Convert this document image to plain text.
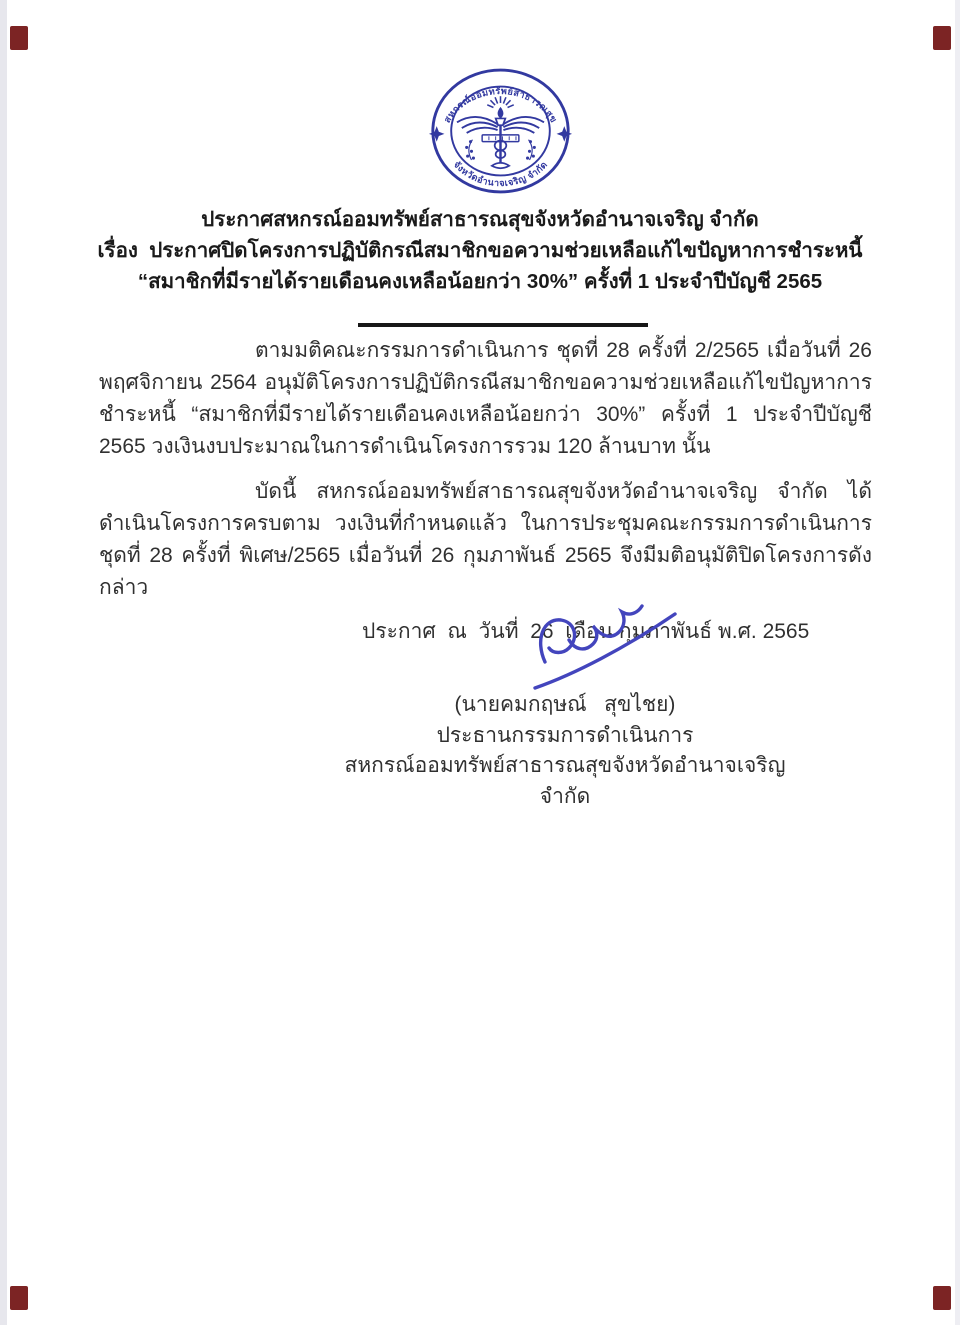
สหกรณ์ออมทรัพย์สาธารณสุข
จังหวัดอำนาจเจริญ จำกัด
ประกาศสหกรณ์ออมทรัพย์สาธารณสุขจังหวัดอำนาจเจริญ จำกัด
เรื่อง  ประกาศปิดโครงการปฏิบัติกรณีสมาชิกขอความช่วยเหลือแก้ไขปัญหาการชำระหนี้
“สมาชิกที่มีรายได้รายเดือนคงเหลือน้อยกว่า 30%” ครั้งที่ 1 ประจำปีบัญชี 2565

ตามมติคณะกรรมการดำเนินการ ชุดที่ 28 ครั้งที่ 2/2565 เมื่อวันที่ 26 พฤศจิกายน 2564 อนุมัติโครงการปฏิบัติกรณีสมาชิกขอความช่วยเหลือแก้ไขปัญหาการชำระหนี้ “สมาชิกที่มีรายได้รายเดือนคงเหลือน้อยกว่า 30%” ครั้งที่ 1 ประจำปีบัญชี 2565 วงเงินงบประมาณในการดำเนินโครงการรวม 120 ล้านบาท นั้น

บัดนี้ สหกรณ์ออมทรัพย์สาธารณสุขจังหวัดอำนาจเจริญ จำกัด ได้ดำเนินโครงการครบตาม วงเงินที่กำหนดแล้ว ในการประชุมคณะกรรมการดำเนินการ ชุดที่ 28 ครั้งที่ พิเศษ/2565 เมื่อวันที่ 26 กุมภาพันธ์ 2565 จึงมีมติอนุมัติปิดโครงการดังกล่าว

ประกาศ  ณ  วันที่  26  เดือน กุมภาพันธ์ พ.ศ. 2565
(นายคมกฤษณ์   สุขไชย)
ประธานกรรมการดำเนินการ
สหกรณ์ออมทรัพย์สาธารณสุขจังหวัดอำนาจเจริญ จำกัด
